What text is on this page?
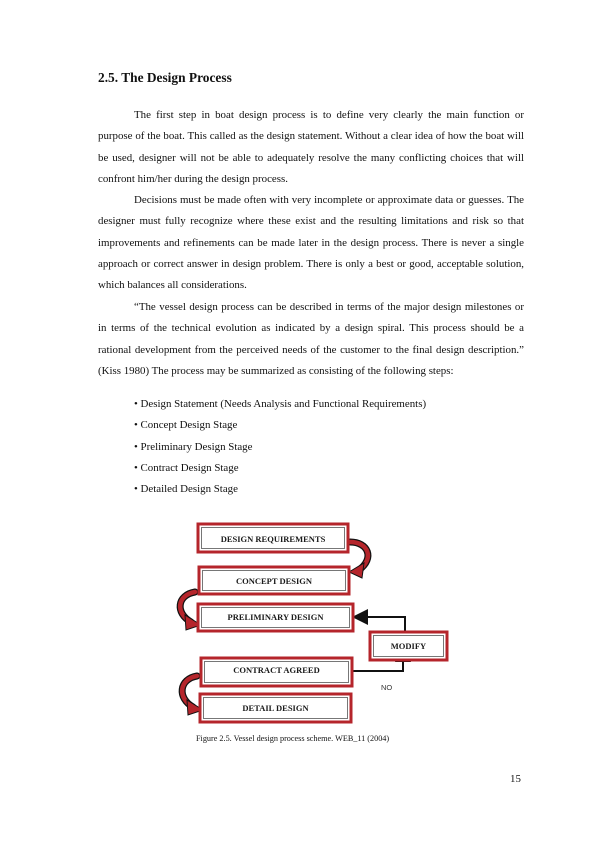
2.5. The Design Process

The first step in boat design process is to define very clearly the main function or purpose of the boat. This called as the design statement. Without a clear idea of how the boat will be used, designer will not be able to adequately resolve the many conflicting choices that will confront him/her during the design process.

Decisions must be made often with very incomplete or approximate data or guesses. The designer must fully recognize where these exist and the resulting limitations and risk so that improvements and refinements can be made later in the design process. There is never a single approach or correct answer in design problem. There is only a best or good, acceptable solution, which balances all considerations.

“The vessel design process can be described in terms of the major design milestones or in terms of the technical evolution as indicated by a design spiral. This process should be a rational development from the perceived needs of the customer to the final design description.” (Kiss 1980) The process may be summarized as consisting of the following steps:

• Design Statement (Needs Analysis and Functional Requirements)
• Concept Design Stage
• Preliminary Design Stage
• Contract Design Stage
• Detailed Design Stage
NO
DESIGN REQUIREMENTS
CONCEPT DESIGN
PRELIMINARY DESIGN
MODIFY
CONTRACT AGREED
DETAIL DESIGN

Figure 2.5. Vessel design process scheme. WEB_11 (2004)

15
